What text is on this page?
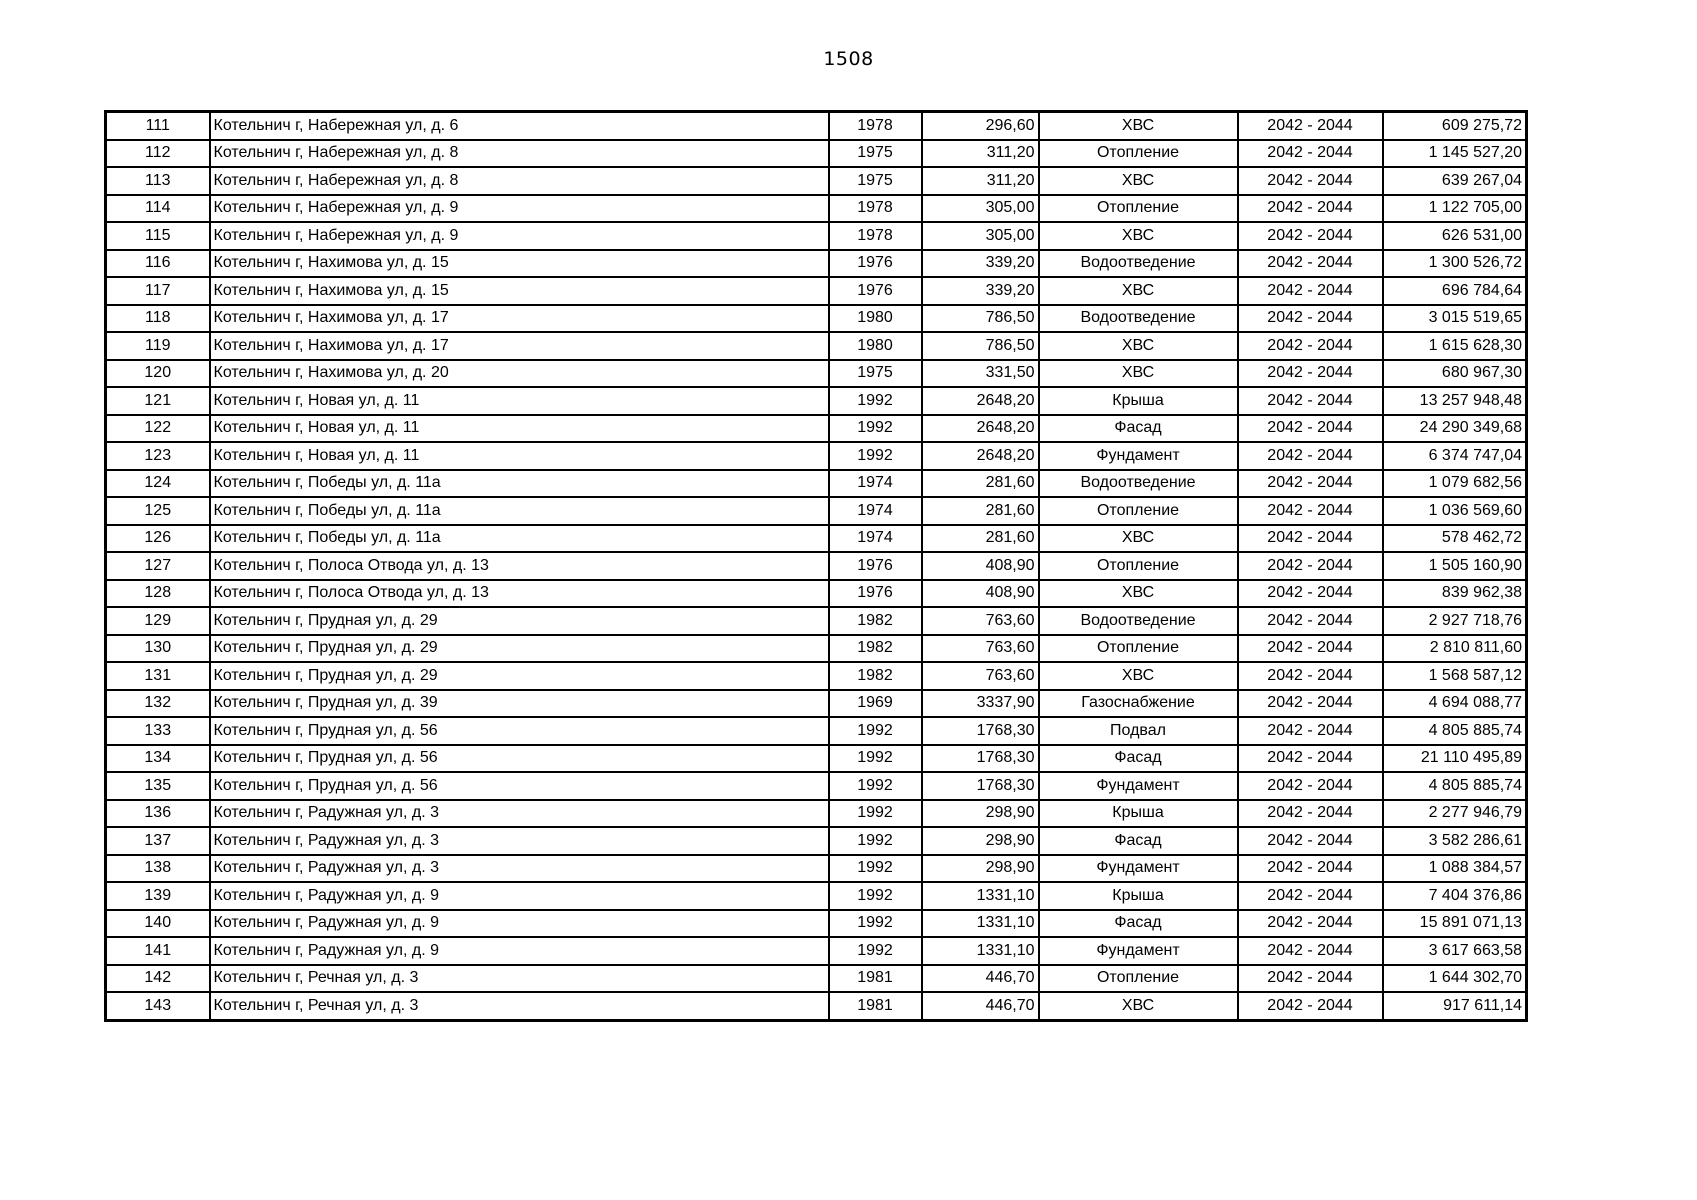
1508
111	Котельнич г, Набережная ул, д. 6	1978	296,60	ХВС	2042 - 2044	609 275,72
112	Котельнич г, Набережная ул, д. 8	1975	311,20	Отопление	2042 - 2044	1 145 527,20
113	Котельнич г, Набережная ул, д. 8	1975	311,20	ХВС	2042 - 2044	639 267,04
114	Котельнич г, Набережная ул, д. 9	1978	305,00	Отопление	2042 - 2044	1 122 705,00
115	Котельнич г, Набережная ул, д. 9	1978	305,00	ХВС	2042 - 2044	626 531,00
116	Котельнич г, Нахимова ул, д. 15	1976	339,20	Водоотведение	2042 - 2044	1 300 526,72
117	Котельнич г, Нахимова ул, д. 15	1976	339,20	ХВС	2042 - 2044	696 784,64
118	Котельнич г, Нахимова ул, д. 17	1980	786,50	Водоотведение	2042 - 2044	3 015 519,65
119	Котельнич г, Нахимова ул, д. 17	1980	786,50	ХВС	2042 - 2044	1 615 628,30
120	Котельнич г, Нахимова ул, д. 20	1975	331,50	ХВС	2042 - 2044	680 967,30
121	Котельнич г, Новая ул, д. 11	1992	2648,20	Крыша	2042 - 2044	13 257 948,48
122	Котельнич г, Новая ул, д. 11	1992	2648,20	Фасад	2042 - 2044	24 290 349,68
123	Котельнич г, Новая ул, д. 11	1992	2648,20	Фундамент	2042 - 2044	6 374 747,04
124	Котельнич г, Победы ул, д. 11а	1974	281,60	Водоотведение	2042 - 2044	1 079 682,56
125	Котельнич г, Победы ул, д. 11а	1974	281,60	Отопление	2042 - 2044	1 036 569,60
126	Котельнич г, Победы ул, д. 11а	1974	281,60	ХВС	2042 - 2044	578 462,72
127	Котельнич г, Полоса Отвода ул, д. 13	1976	408,90	Отопление	2042 - 2044	1 505 160,90
128	Котельнич г, Полоса Отвода ул, д. 13	1976	408,90	ХВС	2042 - 2044	839 962,38
129	Котельнич г, Прудная ул, д. 29	1982	763,60	Водоотведение	2042 - 2044	2 927 718,76
130	Котельнич г, Прудная ул, д. 29	1982	763,60	Отопление	2042 - 2044	2 810 811,60
131	Котельнич г, Прудная ул, д. 29	1982	763,60	ХВС	2042 - 2044	1 568 587,12
132	Котельнич г, Прудная ул, д. 39	1969	3337,90	Газоснабжение	2042 - 2044	4 694 088,77
133	Котельнич г, Прудная ул, д. 56	1992	1768,30	Подвал	2042 - 2044	4 805 885,74
134	Котельнич г, Прудная ул, д. 56	1992	1768,30	Фасад	2042 - 2044	21 110 495,89
135	Котельнич г, Прудная ул, д. 56	1992	1768,30	Фундамент	2042 - 2044	4 805 885,74
136	Котельнич г, Радужная ул, д. 3	1992	298,90	Крыша	2042 - 2044	2 277 946,79
137	Котельнич г, Радужная ул, д. 3	1992	298,90	Фасад	2042 - 2044	3 582 286,61
138	Котельнич г, Радужная ул, д. 3	1992	298,90	Фундамент	2042 - 2044	1 088 384,57
139	Котельнич г, Радужная ул, д. 9	1992	1331,10	Крыша	2042 - 2044	7 404 376,86
140	Котельнич г, Радужная ул, д. 9	1992	1331,10	Фасад	2042 - 2044	15 891 071,13
141	Котельнич г, Радужная ул, д. 9	1992	1331,10	Фундамент	2042 - 2044	3 617 663,58
142	Котельнич г, Речная ул, д. 3	1981	446,70	Отопление	2042 - 2044	1 644 302,70
143	Котельнич г, Речная ул, д. 3	1981	446,70	ХВС	2042 - 2044	917 611,14
